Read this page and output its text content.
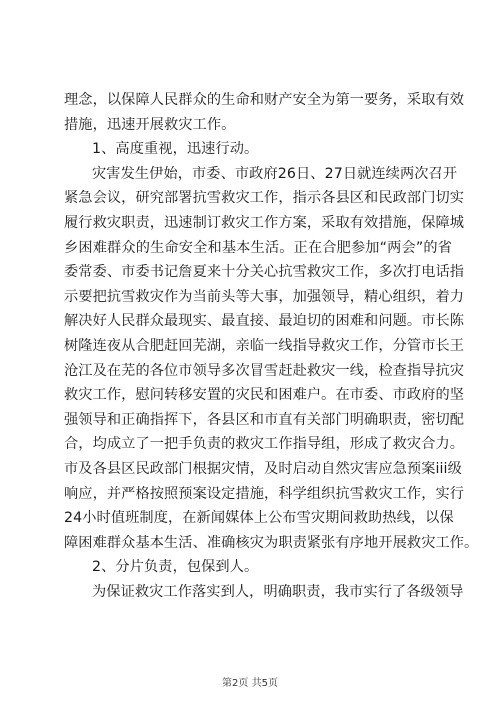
理念，以保障人民群众的生命和财产安全为第一要务，采取有效
措施，迅速开展救灾工作。
1、高度重视，迅速行动。
灾害发生伊始，市委、市政府26日、27日就连续两次召开
紧急会议，研究部署抗雪救灾工作，指示各县区和民政部门切实
履行救灾职责，迅速制订救灾工作方案，采取有效措施，保障城
乡困难群众的生命安全和基本生活。正在合肥参加“两会”的省
委常委、市委书记詹夏来十分关心抗雪救灾工作，多次打电话指
示要把抗雪救灾作为当前头等大事，加强领导，精心组织，着力
解决好人民群众最现实、最直接、最迫切的困难和问题。市长陈
树隆连夜从合肥赶回芜湖，亲临一线指导救灾工作，分管市长王
沧江及在芜的各位市领导多次冒雪赶赴救灾一线，检查指导抗灾
救灾工作，慰问转移安置的灾民和困难户。在市委、市政府的坚
强领导和正确指挥下，各县区和市直有关部门明确职责，密切配
合，均成立了一把手负责的救灾工作指导组，形成了救灾合力。
市及各县区民政部门根据灾情，及时启动自然灾害应急预案iii级
响应，并严格按照预案设定措施，科学组织抗雪救灾工作，实行
24小时值班制度，在新闻媒体上公布雪灾期间救助热线，以保
障困难群众基本生活、准确核灾为职责紧张有序地开展救灾工作。
2、分片负责，包保到人。
为保证救灾工作落实到人，明确职责，我市实行了各级领导
第2页 共5页
